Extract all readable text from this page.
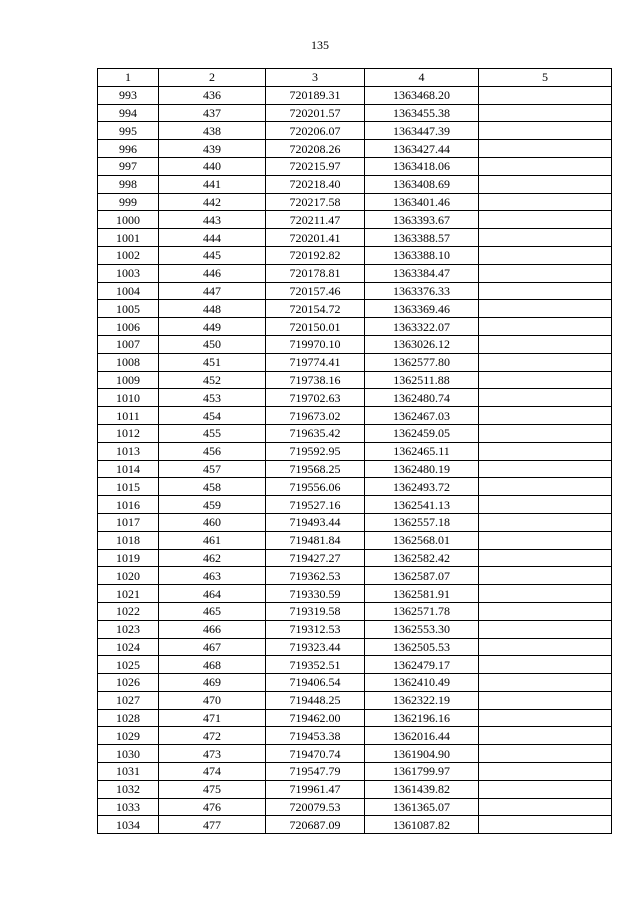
135
1	2	3	4	5
993	436	720189.31	1363468.20	
994	437	720201.57	1363455.38	
995	438	720206.07	1363447.39	
996	439	720208.26	1363427.44	
997	440	720215.97	1363418.06	
998	441	720218.40	1363408.69	
999	442	720217.58	1363401.46	
1000	443	720211.47	1363393.67	
1001	444	720201.41	1363388.57	
1002	445	720192.82	1363388.10	
1003	446	720178.81	1363384.47	
1004	447	720157.46	1363376.33	
1005	448	720154.72	1363369.46	
1006	449	720150.01	1363322.07	
1007	450	719970.10	1363026.12	
1008	451	719774.41	1362577.80	
1009	452	719738.16	1362511.88	
1010	453	719702.63	1362480.74	
1011	454	719673.02	1362467.03	
1012	455	719635.42	1362459.05	
1013	456	719592.95	1362465.11	
1014	457	719568.25	1362480.19	
1015	458	719556.06	1362493.72	
1016	459	719527.16	1362541.13	
1017	460	719493.44	1362557.18	
1018	461	719481.84	1362568.01	
1019	462	719427.27	1362582.42	
1020	463	719362.53	1362587.07	
1021	464	719330.59	1362581.91	
1022	465	719319.58	1362571.78	
1023	466	719312.53	1362553.30	
1024	467	719323.44	1362505.53	
1025	468	719352.51	1362479.17	
1026	469	719406.54	1362410.49	
1027	470	719448.25	1362322.19	
1028	471	719462.00	1362196.16	
1029	472	719453.38	1362016.44	
1030	473	719470.74	1361904.90	
1031	474	719547.79	1361799.97	
1032	475	719961.47	1361439.82	
1033	476	720079.53	1361365.07	
1034	477	720687.09	1361087.82	
